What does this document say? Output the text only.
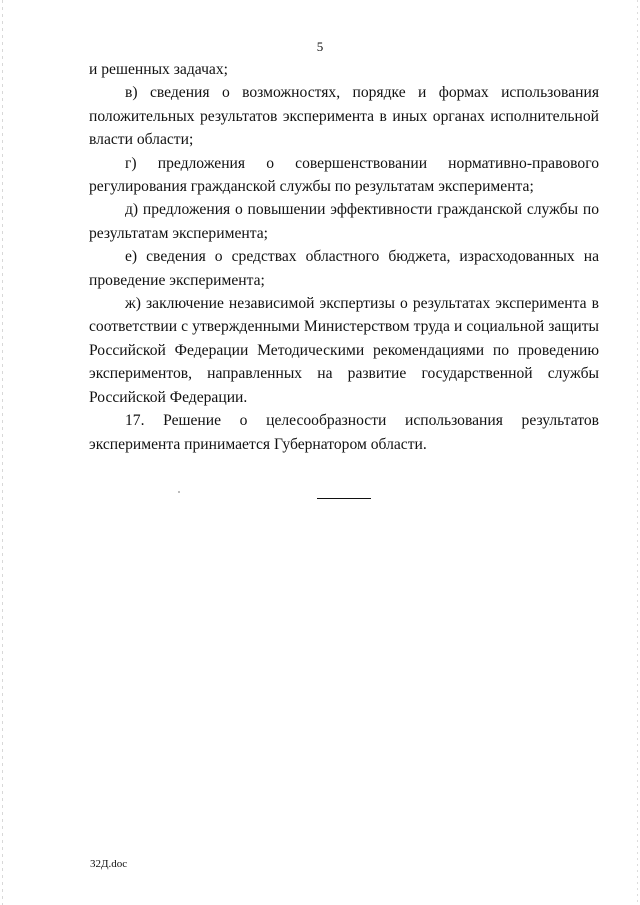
5

и решенных задачах;

в) сведения о возможностях, порядке и формах использования положительных результатов эксперимента в иных органах исполнительной власти области;

г) предложения о совершенствовании нормативно-правового регулирования гражданской службы по результатам эксперимента;

д) предложения о повышении эффективности гражданской службы по результатам эксперимента;

е) сведения о средствах областного бюджета, израсходованных на проведение эксперимента;

ж) заключение независимой экспертизы о результатах эксперимента в соответствии с утвержденными Министерством труда и социальной защиты Российской Федерации Методическими рекомендациями по проведению экспериментов, направленных на развитие государственной службы Российской Федерации.

17. Решение о целесообразности использования результатов эксперимента принимается Губернатором области.

32Д.doc
